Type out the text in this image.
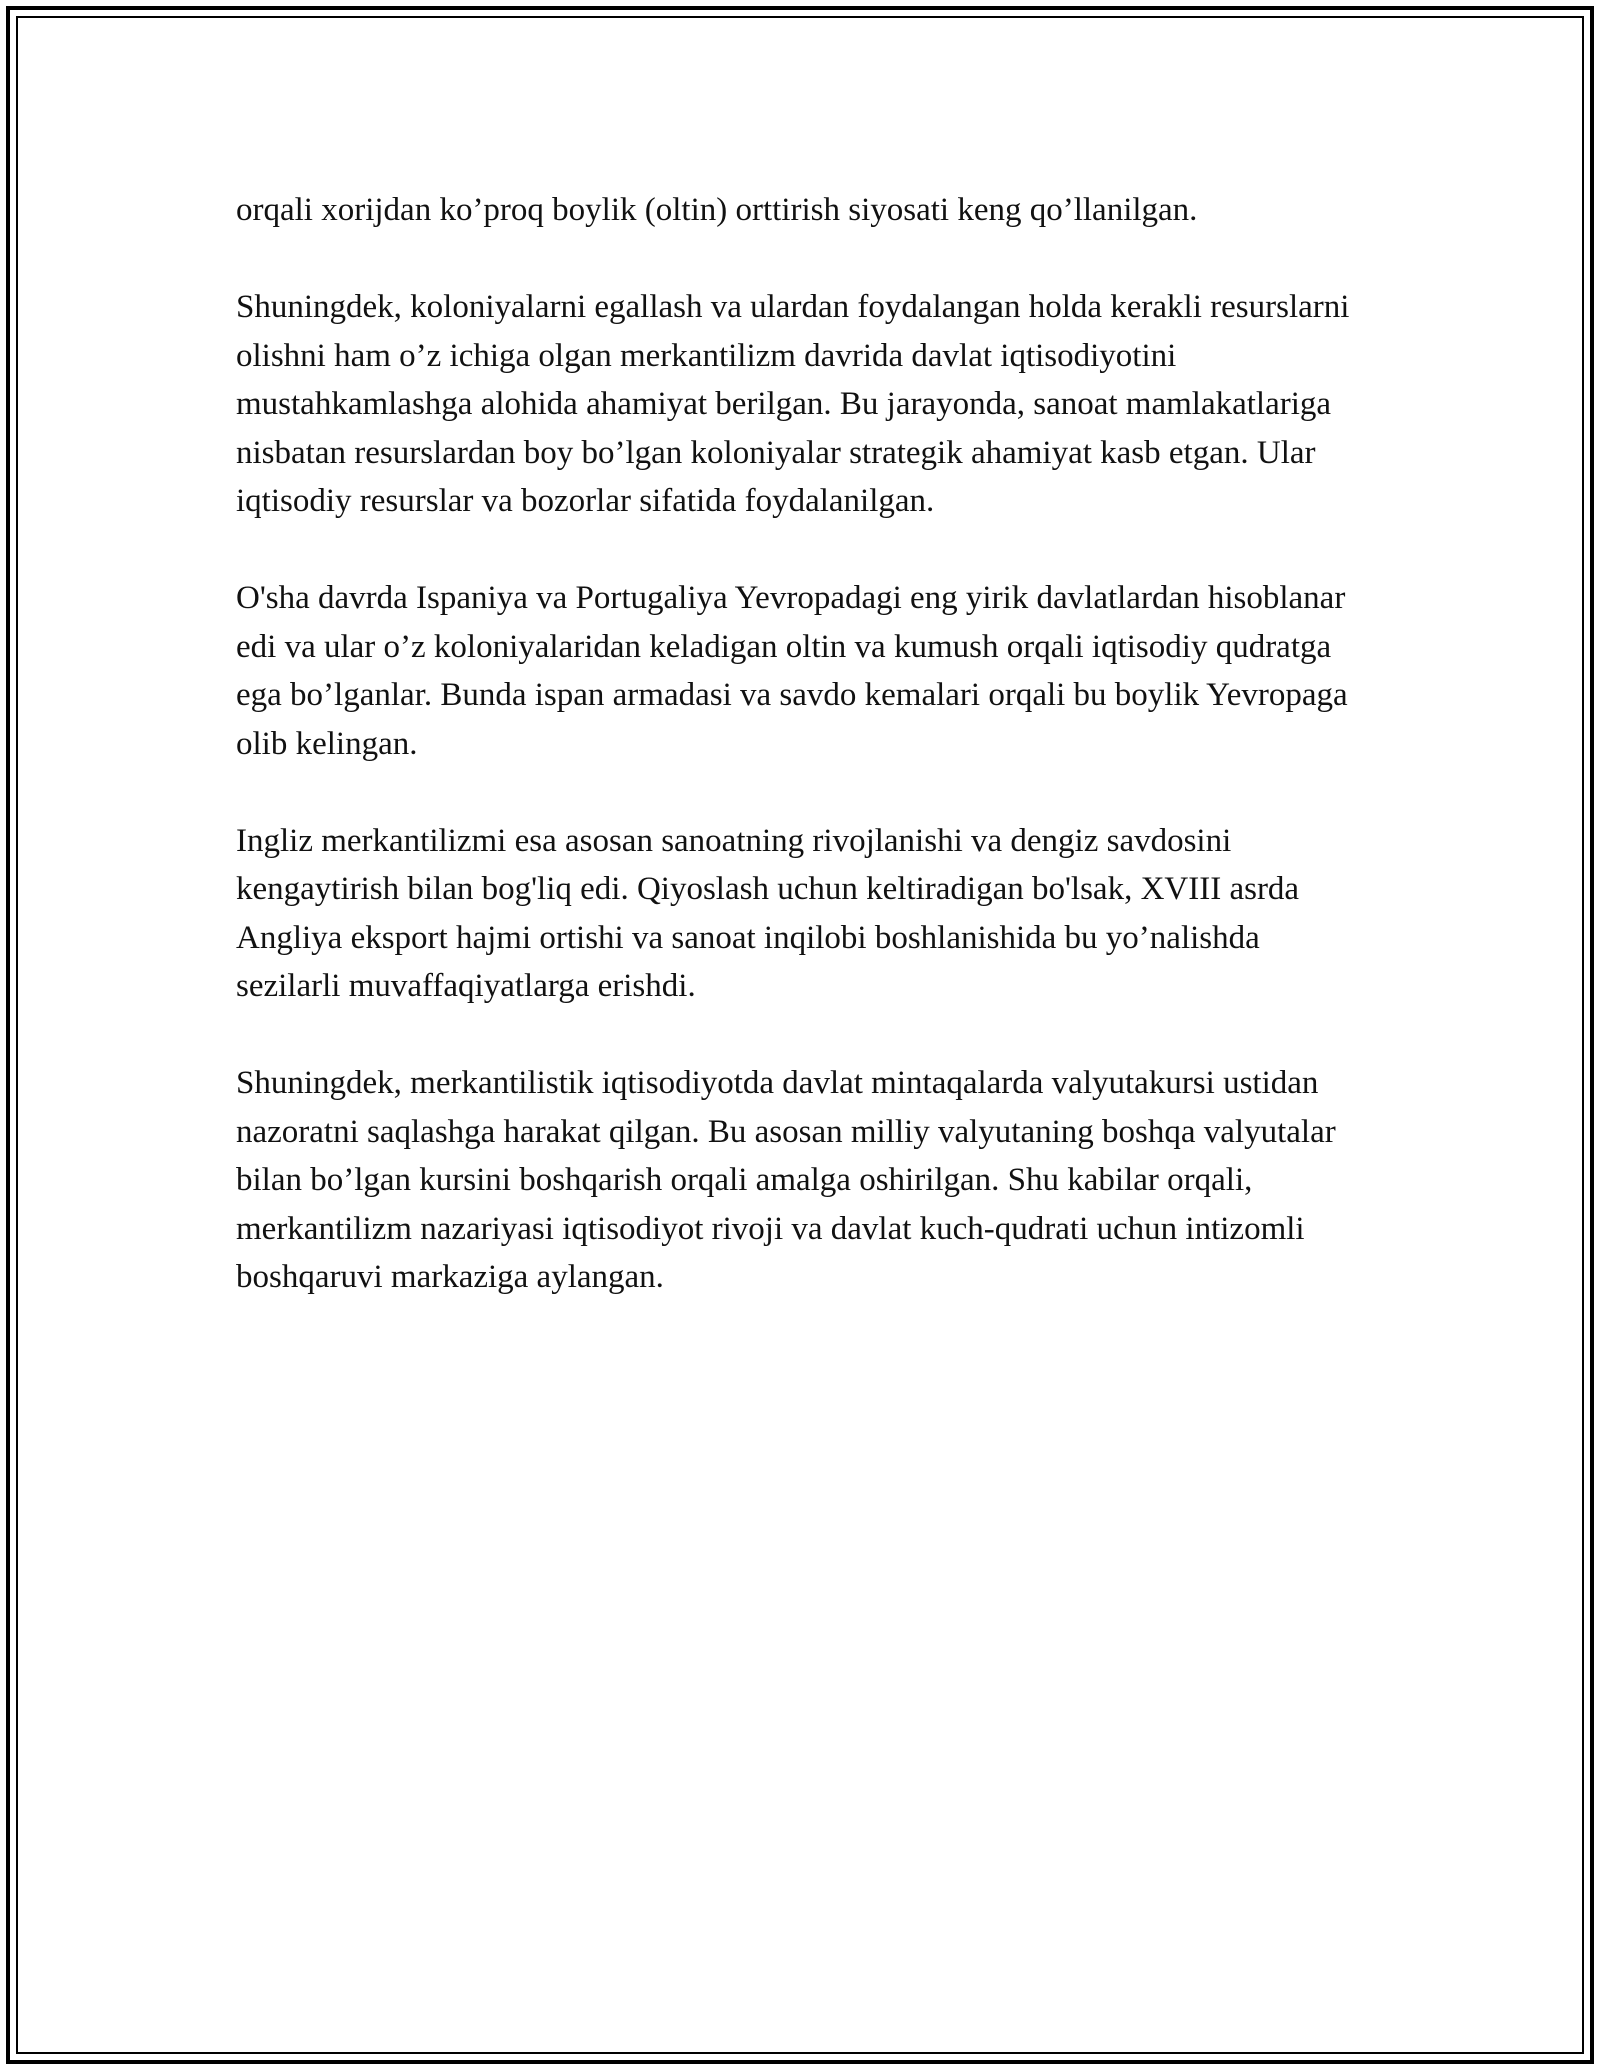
orqali xorijdan ko’proq boylik (oltin) orttirish siyosati keng qo’llanilgan.

Shuningdek, koloniyalarni egallash va ulardan foydalangan holda kerakli resurslarni olishni ham o’z ichiga olgan merkantilizm davrida davlat iqtisodiyotini mustahkamlashga alohida ahamiyat berilgan. Bu jarayonda, sanoat mamlakatlariga nisbatan resurslardan boy bo’lgan koloniyalar strategik ahamiyat kasb etgan. Ular iqtisodiy resurslar va bozorlar sifatida foydalanilgan.

O'sha davrda Ispaniya va Portugaliya Yevropadagi eng yirik davlatlardan hisoblanar edi va ular o’z koloniyalaridan keladigan oltin va kumush orqali iqtisodiy qudratga ega bo’lganlar. Bunda ispan armadasi va savdo kemalari orqali bu boylik Yevropaga olib kelingan.

Ingliz merkantilizmi esa asosan sanoatning rivojlanishi va dengiz savdosini kengaytirish bilan bog'liq edi. Qiyoslash uchun keltiradigan bo'lsak, XVIII asrda Angliya eksport hajmi ortishi va sanoat inqilobi boshlanishida bu yo’nalishda sezilarli muvaffaqiyatlarga erishdi.

Shuningdek, merkantilistik iqtisodiyotda davlat mintaqalarda valyutakursi ustidan nazoratni saqlashga harakat qilgan. Bu asosan milliy valyutaning boshqa valyutalar bilan bo’lgan kursini boshqarish orqali amalga oshirilgan. Shu kabilar orqali, merkantilizm nazariyasi iqtisodiyot rivoji va davlat kuch-qudrati uchun intizomli boshqaruvi markaziga aylangan.
